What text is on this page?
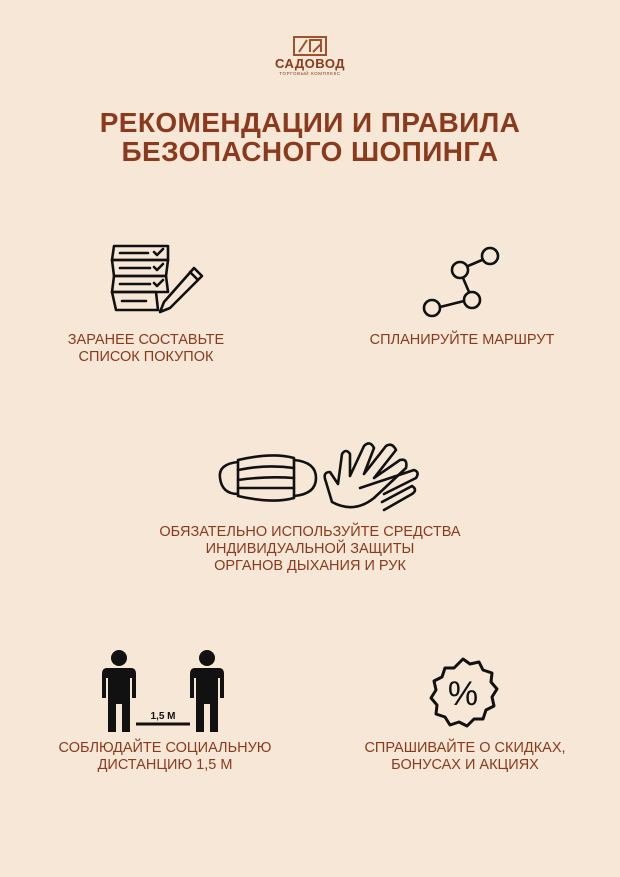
САДОВОД
ТОРГОВЫЙ КОМПЛЕКС
РЕКОМЕНДАЦИИ И ПРАВИЛА
БЕЗОПАСНОГО ШОПИНГА
ЗАРАНЕЕ СОСТАВЬТЕ
СПИСОК ПОКУПОК
СПЛАНИРУЙТЕ МАРШРУТ
ОБЯЗАТЕЛЬНО ИСПОЛЬЗУЙТЕ СРЕДСТВА
ИНДИВИДУАЛЬНОЙ ЗАЩИТЫ
ОРГАНОВ ДЫХАНИЯ И РУК
1,5 М
СОБЛЮДАЙТЕ СОЦИАЛЬНУЮ
ДИСТАНЦИЮ 1,5 М
%
СПРАШИВАЙТЕ О СКИДКАХ,
БОНУСАХ И АКЦИЯХ
